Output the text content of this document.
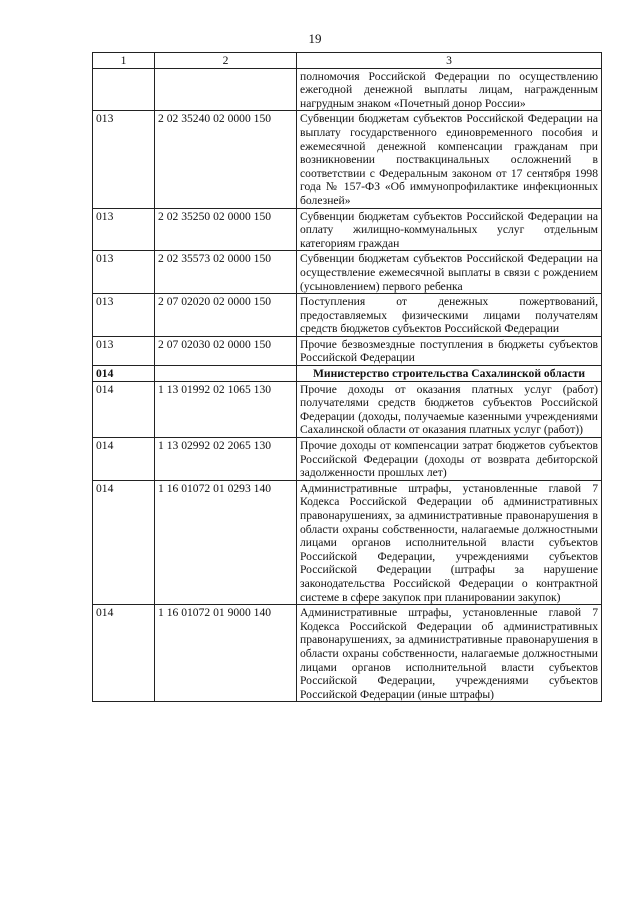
19
1	2	3
		полномочия Российской Федерации по осуществлению ежегодной денежной выплаты лицам, награжденным нагрудным знаком «Почетный донор России»
013	2 02 35240 02 0000 150	Субвенции бюджетам субъектов Российской Федерации на выплату государственного единовременного пособия и ежемесячной денежной компенсации гражданам при возникновении поствакцинальных осложнений в соответствии с Федеральным законом от 17 сентября 1998 года № 157-ФЗ «Об иммунопрофилактике инфекционных болезней»
013	2 02 35250 02 0000 150	Субвенции бюджетам субъектов Российской Федерации на оплату жилищно-коммунальных услуг отдельным категориям граждан
013	2 02 35573 02 0000 150	Субвенции бюджетам субъектов Российской Федерации на осуществление ежемесячной выплаты в связи с рождением (усыновлением) первого ребенка
013	2 07 02020 02 0000 150	Поступления от денежных пожертвований, предоставляемых физическими лицами получателям средств бюджетов субъектов Российской Федерации
013	2 07 02030 02 0000 150	Прочие безвозмездные поступления в бюджеты субъектов Российской Федерации
014		Министерство строительства Сахалинской области
014	1 13 01992 02 1065 130	Прочие доходы от оказания платных услуг (работ) получателями средств бюджетов субъектов Российской Федерации (доходы, получаемые казенными учреждениями Сахалинской области от оказания платных услуг (работ))
014	1 13 02992 02 2065 130	Прочие доходы от компенсации затрат бюджетов субъектов Российской Федерации (доходы от возврата дебиторской задолженности прошлых лет)
014	1 16 01072 01 0293 140	Административные штрафы, установленные главой 7 Кодекса Российской Федерации об административных правонарушениях, за административные правонарушения в области охраны собственности, налагаемые должностными лицами органов исполнительной власти субъектов Российской Федерации, учреждениями субъектов Российской Федерации (штрафы за нарушение законодательства Российской Федерации о контрактной системе в сфере закупок при планировании закупок)
014	1 16 01072 01 9000 140	Административные штрафы, установленные главой 7 Кодекса Российской Федерации об административных правонарушениях, за административные правонарушения в области охраны собственности, налагаемые должностными лицами органов исполнительной власти субъектов Российской Федерации, учреждениями субъектов Российской Федерации (иные штрафы)
